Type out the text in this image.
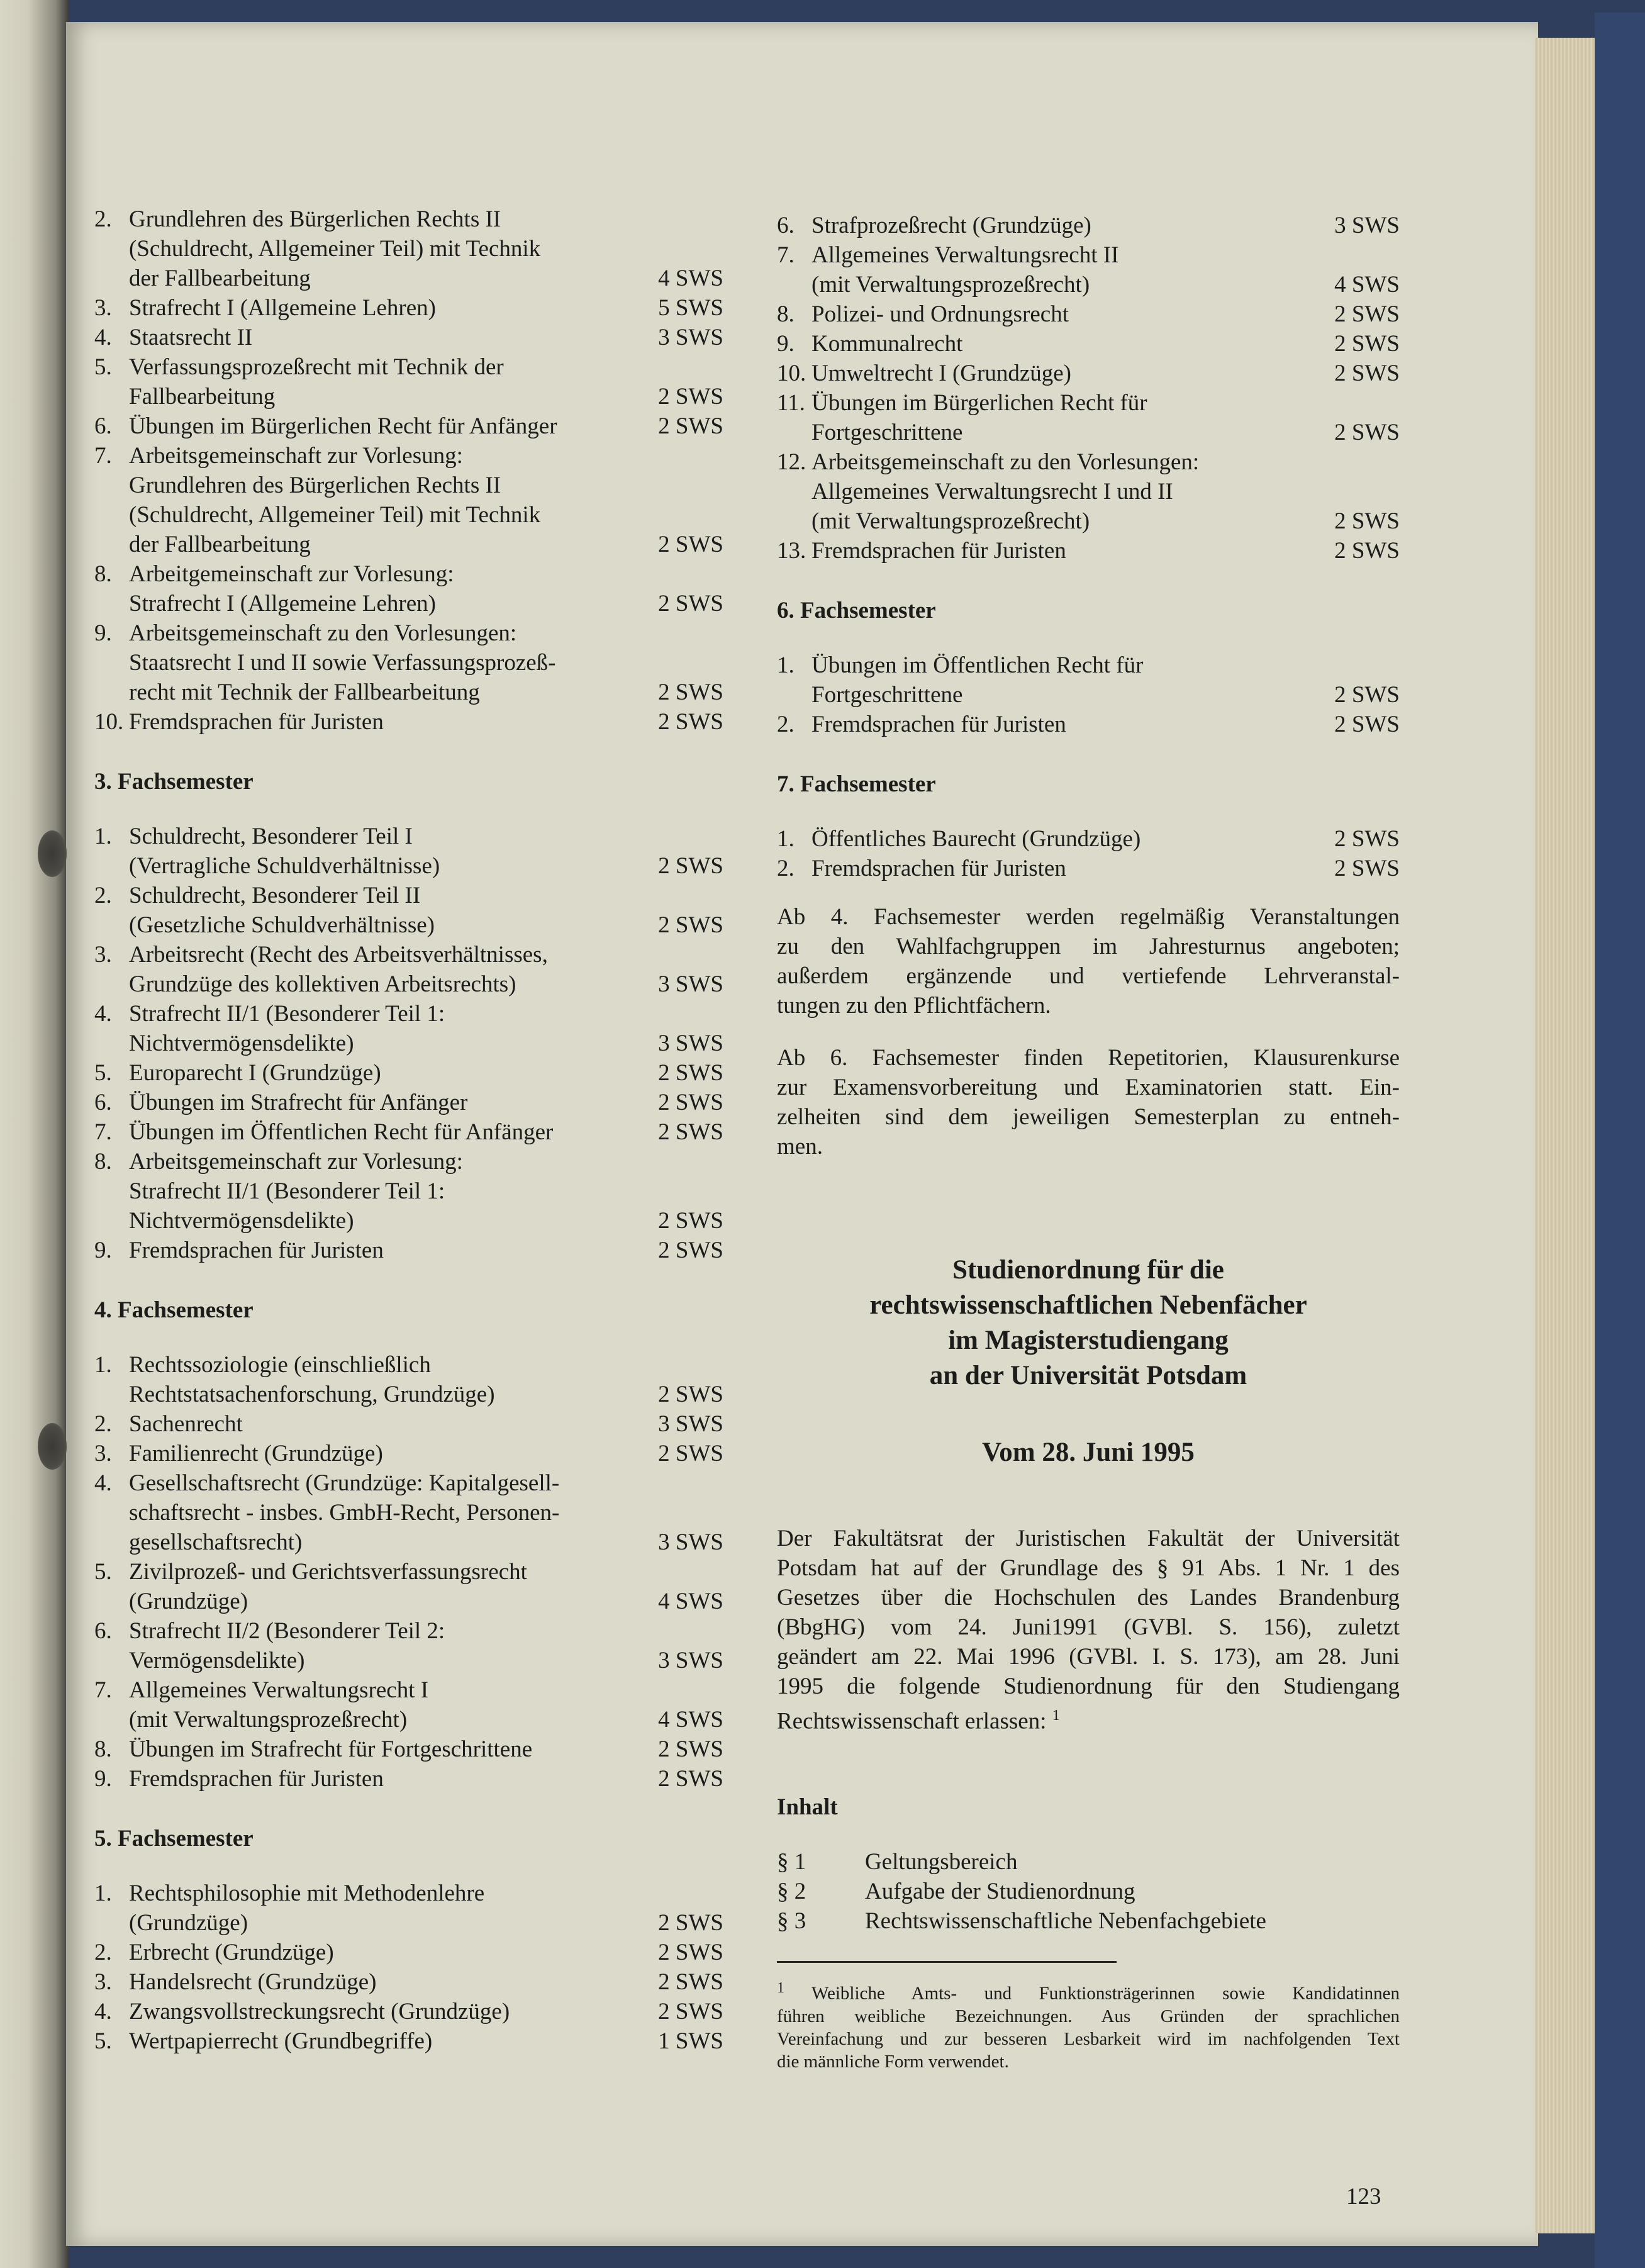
2. Grundlehren des Bürgerlichen Rechts II
(Schuldrecht, Allgemeiner Teil) mit Technik
der Fallbearbeitung	4 SWS
3. Strafrecht I (Allgemeine Lehren)	5 SWS
4. Staatsrecht II	3 SWS
5. Verfassungsprozeßrecht mit Technik der
Fallbearbeitung	2 SWS
6. Übungen im Bürgerlichen Recht für Anfänger	2 SWS
7. Arbeitsgemeinschaft zur Vorlesung:
Grundlehren des Bürgerlichen Rechts II
(Schuldrecht, Allgemeiner Teil) mit Technik
der Fallbearbeitung	2 SWS
8. Arbeitgemeinschaft zur Vorlesung:
Strafrecht I (Allgemeine Lehren)	2 SWS
9. Arbeitsgemeinschaft zu den Vorlesungen:
Staatsrecht I und II sowie Verfassungsprozeß-
recht mit Technik der Fallbearbeitung	2 SWS
10. Fremdsprachen für Juristen	2 SWS
3. Fachsemester
1. Schuldrecht, Besonderer Teil I
(Vertragliche Schuldverhältnisse)	2 SWS
2. Schuldrecht, Besonderer Teil II
(Gesetzliche Schuldverhältnisse)	2 SWS
3. Arbeitsrecht (Recht des Arbeitsverhältnisses,
Grundzüge des kollektiven Arbeitsrechts)	3 SWS
4. Strafrecht II/1 (Besonderer Teil 1:
Nichtvermögensdelikte)	3 SWS
5. Europarecht I (Grundzüge)	2 SWS
6. Übungen im Strafrecht für Anfänger	2 SWS
7. Übungen im Öffentlichen Recht für Anfänger	2 SWS
8. Arbeitsgemeinschaft zur Vorlesung:
Strafrecht II/1 (Besonderer Teil 1:
Nichtvermögensdelikte)	2 SWS
9. Fremdsprachen für Juristen	2 SWS
4. Fachsemester
1. Rechtssoziologie (einschließlich
Rechtstatsachenforschung, Grundzüge)	2 SWS
2. Sachenrecht	3 SWS
3. Familienrecht (Grundzüge)	2 SWS
4. Gesellschaftsrecht (Grundzüge: Kapitalgesell-
schaftsrecht - insbes. GmbH-Recht, Personen-
gesellschaftsrecht)	3 SWS
5. Zivilprozeß- und Gerichtsverfassungsrecht
(Grundzüge)	4 SWS
6. Strafrecht II/2 (Besonderer Teil 2:
Vermögensdelikte)	3 SWS
7. Allgemeines Verwaltungsrecht I
(mit Verwaltungsprozeßrecht)	4 SWS
8. Übungen im Strafrecht für Fortgeschrittene	2 SWS
9. Fremdsprachen für Juristen	2 SWS
5. Fachsemester
1. Rechtsphilosophie mit Methodenlehre
(Grundzüge)	2 SWS
2. Erbrecht (Grundzüge)	2 SWS
3. Handelsrecht (Grundzüge)	2 SWS
4. Zwangsvollstreckungsrecht (Grundzüge)	2 SWS
5. Wertpapierrecht (Grundbegriffe)	1 SWS
6. Strafprozeßrecht (Grundzüge)	3 SWS
7. Allgemeines Verwaltungsrecht II
(mit Verwaltungsprozeßrecht)	4 SWS
8. Polizei- und Ordnungsrecht	2 SWS
9. Kommunalrecht	2 SWS
10. Umweltrecht I (Grundzüge)	2 SWS
11. Übungen im Bürgerlichen Recht für
Fortgeschrittene	2 SWS
12. Arbeitsgemeinschaft zu den Vorlesungen:
Allgemeines Verwaltungsrecht I und II
(mit Verwaltungsprozeßrecht)	2 SWS
13. Fremdsprachen für Juristen	2 SWS
6. Fachsemester
1. Übungen im Öffentlichen Recht für
Fortgeschrittene	2 SWS
2. Fremdsprachen für Juristen	2 SWS
7. Fachsemester
1. Öffentliches Baurecht (Grundzüge)	2 SWS
2. Fremdsprachen für Juristen	2 SWS
Ab 4. Fachsemester werden regelmäßig Veranstaltungen
zu den Wahlfachgruppen im Jahresturnus angeboten;
außerdem ergänzende und vertiefende Lehrveranstal-
tungen zu den Pflichtfächern.
Ab 6. Fachsemester finden Repetitorien, Klausurenkurse
zur Examensvorbereitung und Examinatorien statt. Ein-
zelheiten sind dem jeweiligen Semesterplan zu entneh-
men.
Studienordnung für die
rechtswissenschaftlichen Nebenfächer
im Magisterstudiengang
an der Universität Potsdam
Vom 28. Juni 1995
Der Fakultätsrat der Juristischen Fakultät der Universität
Potsdam hat auf der Grundlage des § 91 Abs. 1 Nr. 1 des
Gesetzes über die Hochschulen des Landes Brandenburg
(BbgHG) vom 24. Juni1991 (GVBl. S. 156), zuletzt
geändert am 22. Mai 1996 (GVBl. I. S. 173), am 28. Juni
1995 die folgende Studienordnung für den Studiengang
Rechtswissenschaft erlassen: $^1$
Inhalt
§ 1	Geltungsbereich
§ 2	Aufgabe der Studienordnung
§ 3	Rechtswissenschaftliche Nebenfachgebiete
$^1$ Weibliche Amts- und Funktionsträgerinnen sowie Kandidatinnen
führen weibliche Bezeichnungen. Aus Gründen der sprachlichen
Vereinfachung und zur besseren Lesbarkeit wird im nachfolgenden Text
die männliche Form verwendet.
123
